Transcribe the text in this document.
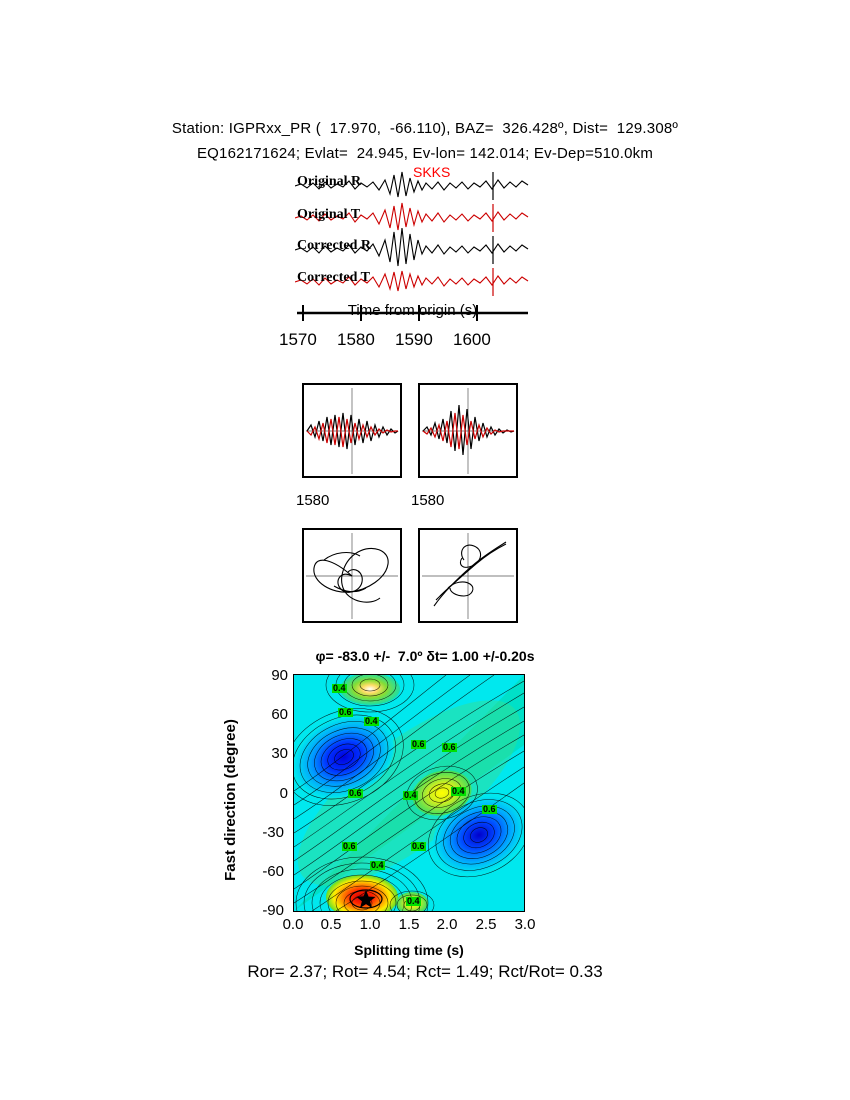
Station: IGPRxx_PR (  17.970,  -66.110), BAZ=  326.428º, Dist=  129.308º
EQ162171624; Evlat=  24.945, Ev-lon= 142.014; Ev-Dep=510.0km
SKKS
Original R
Original T
Corrected R
Corrected T
Time from origin (s)
1570 1580 1590 1600
1580	1580
φ= -83.0 +/-  7.0º δt= 1.00 +/-0.20s
Fast direction (degree)
0.4
0.6
0.4
0.6 0.6
0.6	0.4	0.4
0.6
0.6	0.6
0.4
0.4
90
60
30
0
-30
-60
-90
0.0	0.5	1.0	1.5	2.0	2.5	3.0
Splitting time (s)
Ror= 2.37; Rot= 4.54; Rct= 1.49; Rct/Rot= 0.33
